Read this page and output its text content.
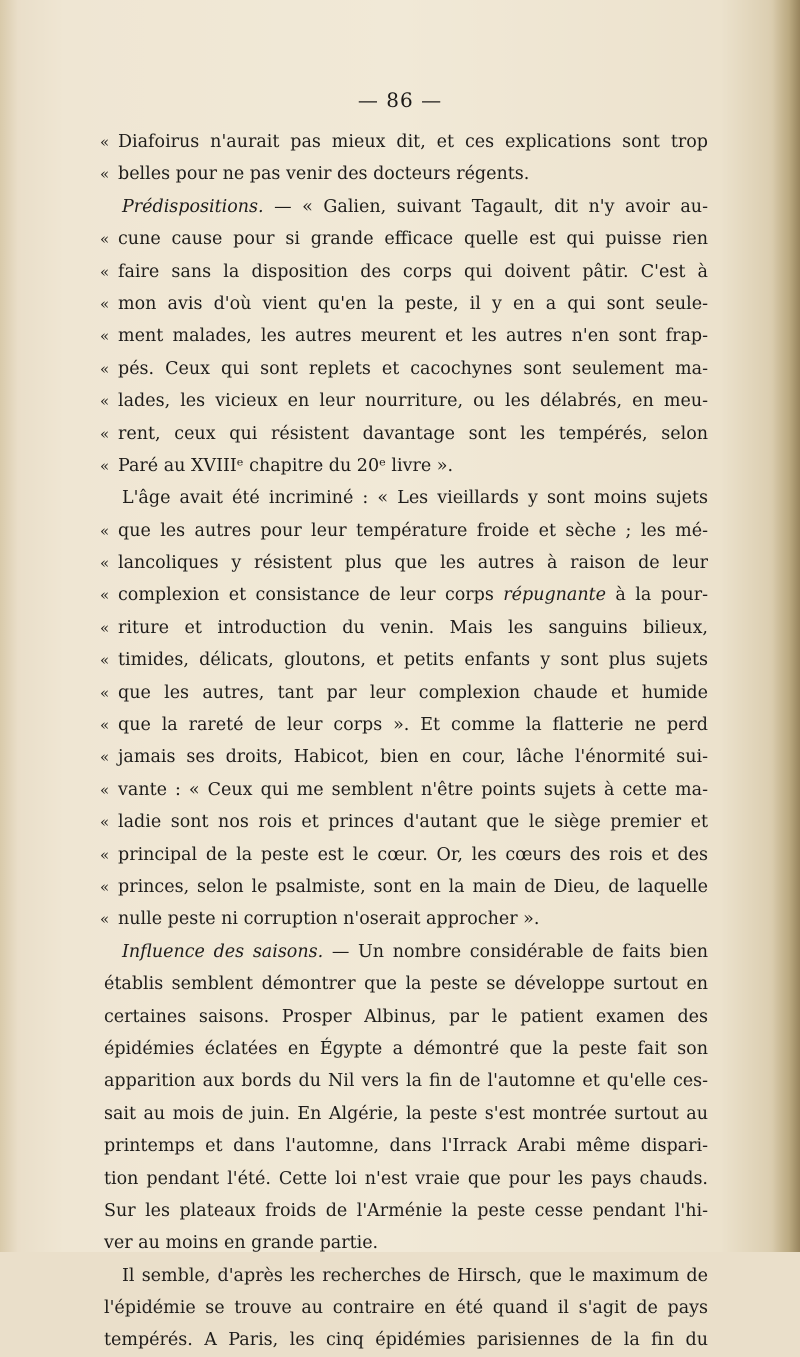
— 86 —
«Diafoirus n'aurait pas mieux dit, et ces explications sont trop
«belles pour ne pas venir des docteurs régents.
Prédispositions. — « Galien, suivant Tagault, dit n'y avoir au-
«cune cause pour si grande efficace quelle est qui puisse rien
«faire sans la disposition des corps qui doivent pâtir. C'est à
«mon avis d'où vient qu'en la peste, il y en a qui sont seule-
«ment malades, les autres meurent et les autres n'en sont frap-
«pés. Ceux qui sont replets et cacochynes sont seulement ma-
«lades, les vicieux en leur nourriture, ou les délabrés, en meu-
«rent, ceux qui résistent davantage sont les tempérés, selon
«Paré au XVIIIᵉ chapitre du 20ᵉ livre ».
L'âge avait été incriminé : « Les vieillards y sont moins sujets
«que les autres pour leur température froide et sèche ; les mé-
«lancoliques y résistent plus que les autres à raison de leur
«complexion et consistance de leur corps répugnante à la pour-
«riture et introduction du venin. Mais les sanguins bilieux,
«timides, délicats, gloutons, et petits enfants y sont plus sujets
«que les autres, tant par leur complexion chaude et humide
«que la rareté de leur corps ». Et comme la flatterie ne perd
«jamais ses droits, Habicot, bien en cour, lâche l'énormité sui-
«vante : « Ceux qui me semblent n'être points sujets à cette ma-
«ladie sont nos rois et princes d'autant que le siège premier et
«principal de la peste est le cœur. Or, les cœurs des rois et des
«princes, selon le psalmiste, sont en la main de Dieu, de laquelle
«nulle peste ni corruption n'oserait approcher ».
Influence des saisons. — Un nombre considérable de faits bien
établis semblent démontrer que la peste se développe surtout en
certaines saisons. Prosper Albinus, par le patient examen des
épidémies éclatées en Égypte a démontré que la peste fait son
apparition aux bords du Nil vers la fin de l'automne et qu'elle ces-
sait au mois de juin. En Algérie, la peste s'est montrée surtout au
printemps et dans l'automne, dans l'Irrack Arabi même dispari-
tion pendant l'été. Cette loi n'est vraie que pour les pays chauds.
Sur les plateaux froids de l'Arménie la peste cesse pendant l'hi-
ver au moins en grande partie.
Il semble, d'après les recherches de Hirsch, que le maximum de
l'épidémie se trouve au contraire en été quand il s'agit de pays
tempérés. A Paris, les cinq épidémies parisiennes de la fin du
